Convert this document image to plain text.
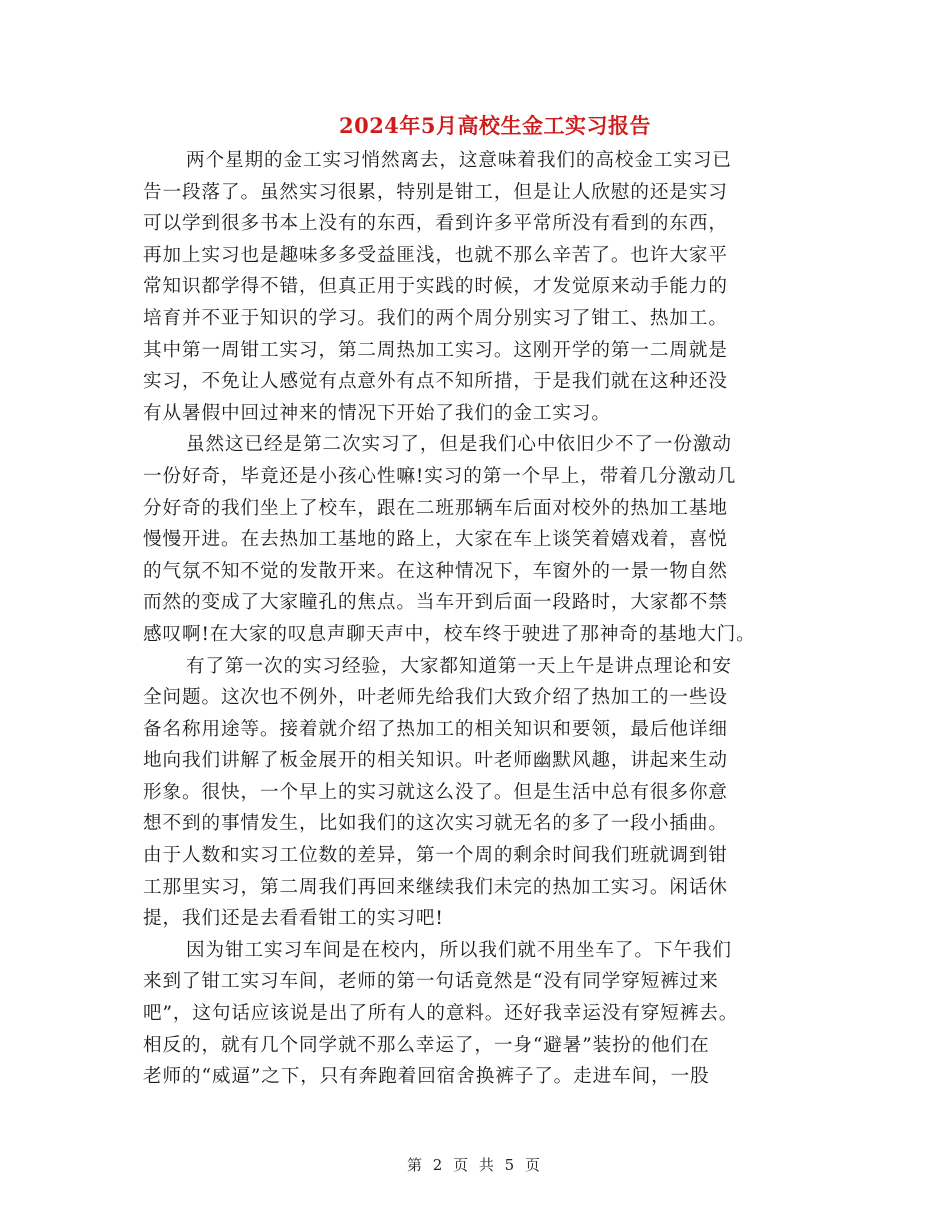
2024年5月高校生金工实习报告
两个星期的金工实习悄然离去，这意味着我们的高校金工实习已
告一段落了。虽然实习很累，特别是钳工，但是让人欣慰的还是实习
可以学到很多书本上没有的东西，看到许多平常所没有看到的东西，
再加上实习也是趣味多多受益匪浅，也就不那么辛苦了。也许大家平
常知识都学得不错，但真正用于实践的时候，才发觉原来动手能力的
培育并不亚于知识的学习。我们的两个周分别实习了钳工、热加工。
其中第一周钳工实习，第二周热加工实习。这刚开学的第一二周就是
实习，不免让人感觉有点意外有点不知所措，于是我们就在这种还没
有从暑假中回过神来的情况下开始了我们的金工实习。
虽然这已经是第二次实习了，但是我们心中依旧少不了一份激动
一份好奇，毕竟还是小孩心性嘛!实习的第一个早上，带着几分激动几
分好奇的我们坐上了校车，跟在二班那辆车后面对校外的热加工基地
慢慢开进。在去热加工基地的路上，大家在车上谈笑着嬉戏着，喜悦
的气氛不知不觉的发散开来。在这种情况下，车窗外的一景一物自然
而然的变成了大家瞳孔的焦点。当车开到后面一段路时，大家都不禁
感叹啊!在大家的叹息声聊天声中，校车终于驶进了那神奇的基地大门。
有了第一次的实习经验，大家都知道第一天上午是讲点理论和安
全问题。这次也不例外，叶老师先给我们大致介绍了热加工的一些设
备名称用途等。接着就介绍了热加工的相关知识和要领，最后他详细
地向我们讲解了板金展开的相关知识。叶老师幽默风趣，讲起来生动
形象。很快，一个早上的实习就这么没了。但是生活中总有很多你意
想不到的事情发生，比如我们的这次实习就无名的多了一段小插曲。
由于人数和实习工位数的差异，第一个周的剩余时间我们班就调到钳
工那里实习，第二周我们再回来继续我们未完的热加工实习。闲话休
提，我们还是去看看钳工的实习吧!
因为钳工实习车间是在校内，所以我们就不用坐车了。下午我们
来到了钳工实习车间，老师的第一句话竟然是“没有同学穿短裤过来
吧”，这句话应该说是出了所有人的意料。还好我幸运没有穿短裤去。
相反的，就有几个同学就不那么幸运了，一身“避暑”装扮的他们在
老师的“威逼”之下，只有奔跑着回宿舍换裤子了。走进车间，一股
第 2 页 共 5 页
